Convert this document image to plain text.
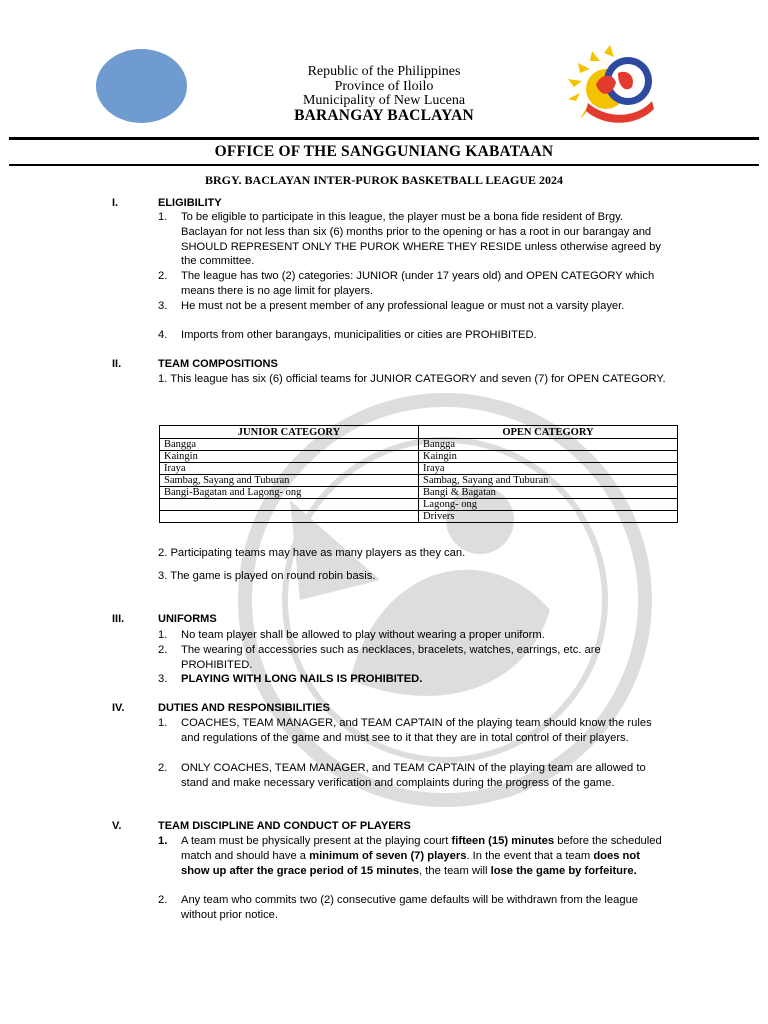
Republic of the Philippines
Province of Iloilo
Municipality of New Lucena
BARANGAY BACLAYAN
OFFICE OF THE SANGGUNIANG KABATAAN
BRGY. BACLAYAN INTER-PUROK BASKETBALL LEAGUE 2024
I.	ELIGIBILITY
1. To be eligible to participate in this league, the player must be a bona fide resident of Brgy. Baclayan for not less than six (6) months prior to the opening or has a root in our barangay and SHOULD REPRESENT ONLY THE PUROK WHERE THEY RESIDE unless otherwise agreed by the committee.
2. The league has two (2) categories: JUNIOR (under 17 years old) and OPEN CATEGORY which means there is no age limit for players.
3. He must not be a present member of any professional league or must not a varsity player.
4. Imports from other barangays, municipalities or cities are PROHIBITED.
II.	TEAM COMPOSITIONS
1. This league has six (6) official teams for JUNIOR CATEGORY and seven (7) for OPEN CATEGORY.
JUNIOR CATEGORY	OPEN CATEGORY
Bangga	Bangga
Kaingin	Kaingin
Iraya	Iraya
Sambag, Sayang and Tuburan	Sambag, Sayang and Tuburan
Bangi-Bagatan and Lagong- ong	Bangi & Bagatan
	Lagong- ong
	Drivers
2. Participating teams may have as many players as they can.
3. The game is played on round robin basis.
III.	UNIFORMS
1. No team player shall be allowed to play without wearing a proper uniform.
2. The wearing of accessories such as necklaces, bracelets, watches, earrings, etc. are PROHIBITED.
3. PLAYING WITH LONG NAILS IS PROHIBITED.
IV.	DUTIES AND RESPONSIBILITIES
1. COACHES, TEAM MANAGER, and TEAM CAPTAIN of the playing team should know the rules and regulations of the game and must see to it that they are in total control of their players.
2. ONLY COACHES, TEAM MANAGER, and TEAM CAPTAIN of the playing team are allowed to stand and make necessary verification and complaints during the progress of the game.
V.	TEAM DISCIPLINE AND CONDUCT OF PLAYERS
1. A team must be physically present at the playing court fifteen (15) minutes before the scheduled match and should have a minimum of seven (7) players. In the event that a team does not show up after the grace period of 15 minutes, the team will lose the game by forfeiture.
2. Any team who commits two (2) consecutive game defaults will be withdrawn from the league without prior notice.
